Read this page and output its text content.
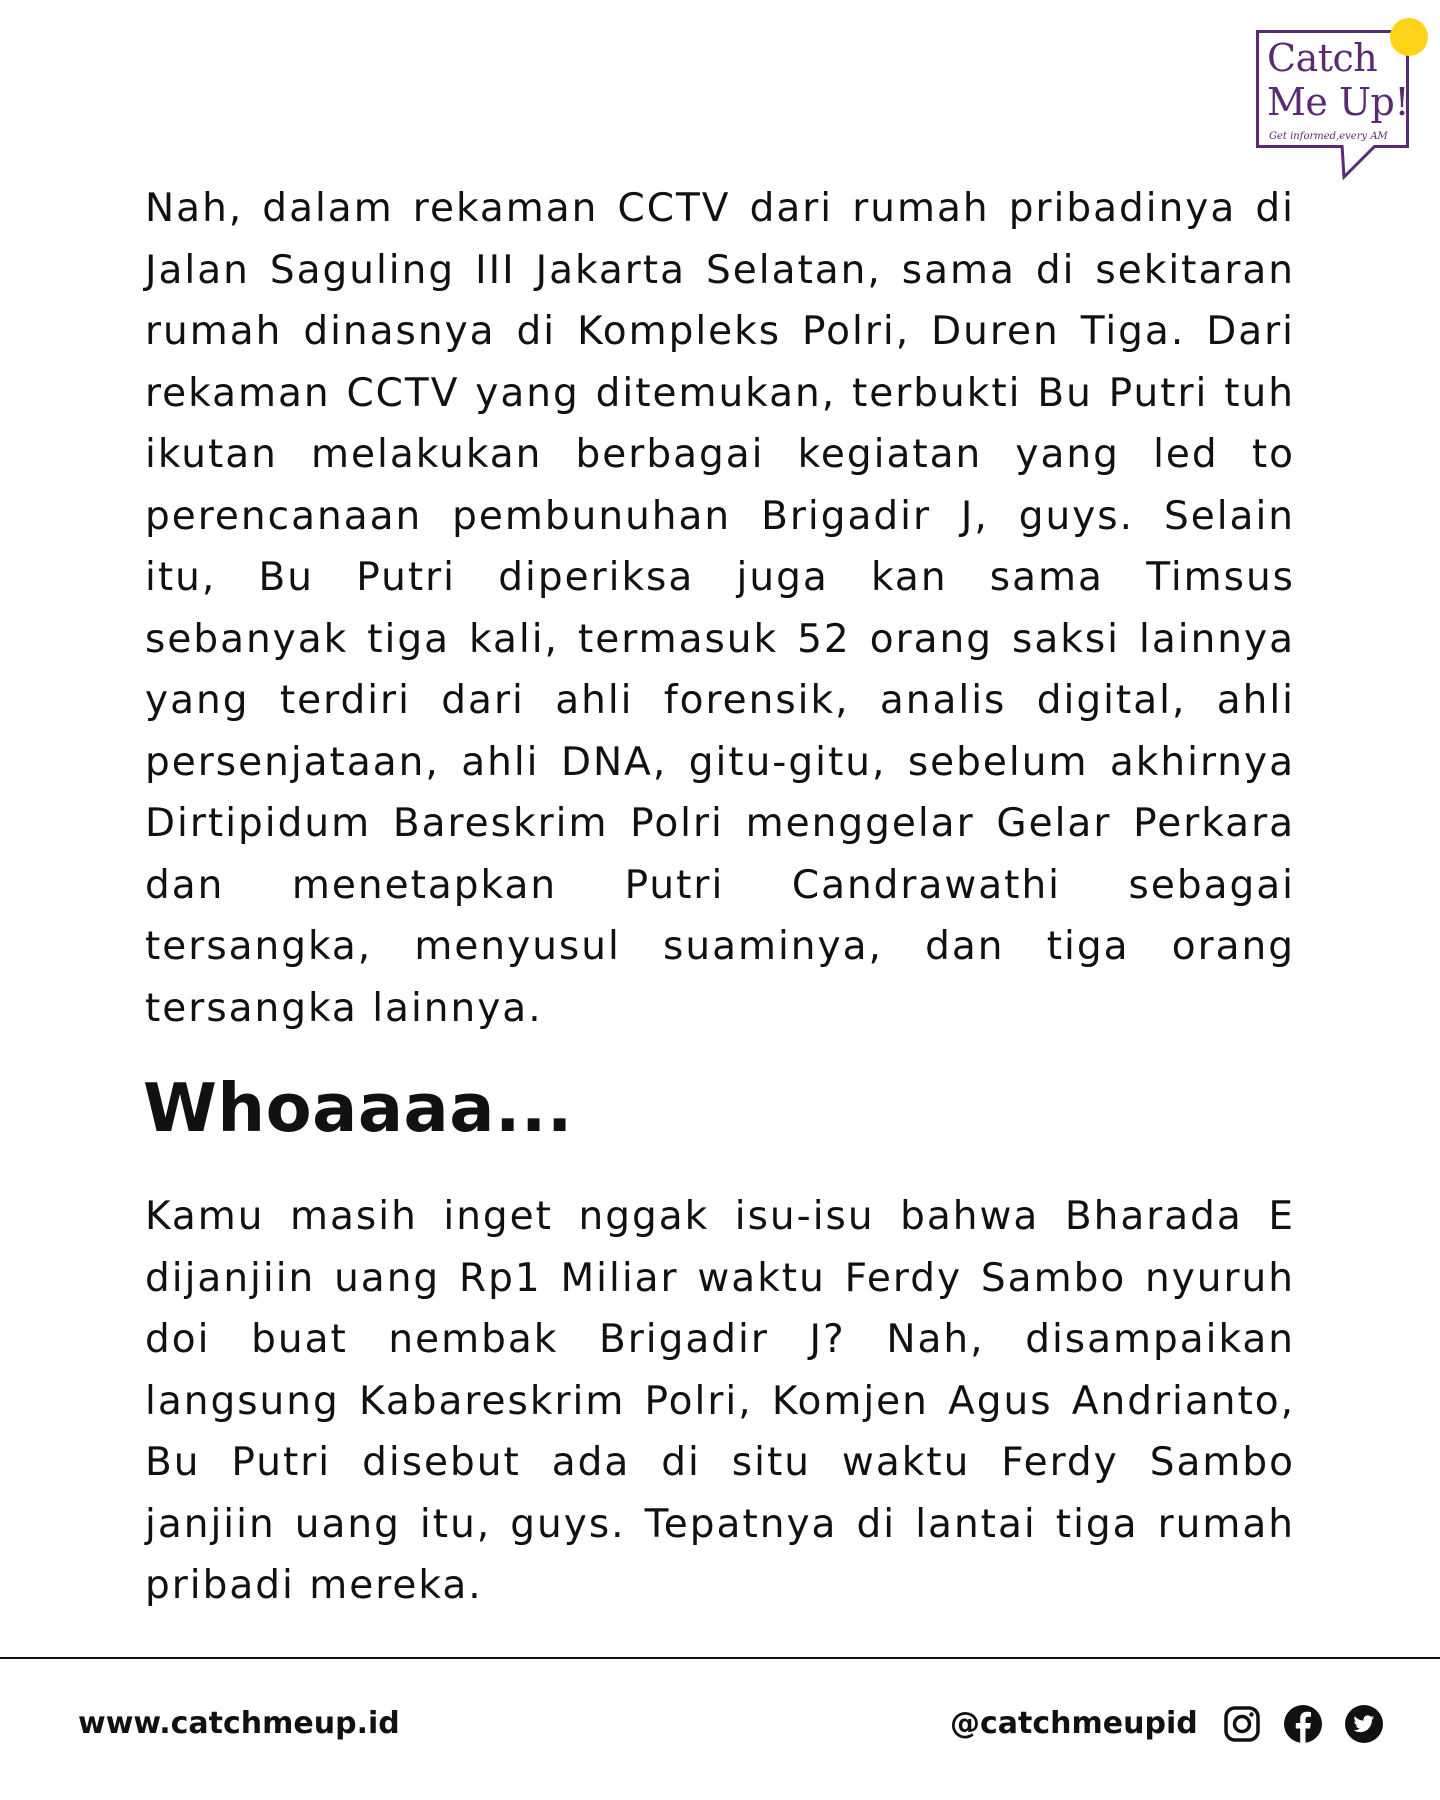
Catch
Me Up!
Get informed,every AM

Nah, dalam rekaman CCTV dari rumah pribadinya di Jalan Saguling III Jakarta Selatan, sama di sekitaran rumah dinasnya di Kompleks Polri, Duren Tiga. Dari rekaman CCTV yang ditemukan, terbukti Bu Putri tuh ikutan melakukan berbagai kegiatan yang led to perencanaan pembunuhan Brigadir J, guys. Selain itu, Bu Putri diperiksa juga kan sama Timsus sebanyak tiga kali, termasuk 52 orang saksi lainnya yang terdiri dari ahli forensik, analis digital, ahli persenjataan, ahli DNA, gitu-gitu, sebelum akhirnya Dirtipidum Bareskrim Polri menggelar Gelar Perkara dan menetapkan Putri Candrawathi sebagai tersangka, menyusul suaminya, dan tiga orang tersangka lainnya.

Whoaaaa...

Kamu masih inget nggak isu-isu bahwa Bharada E dijanjiin uang Rp1 Miliar waktu Ferdy Sambo nyuruh doi buat nembak Brigadir J? Nah, disampaikan langsung Kabareskrim Polri, Komjen Agus Andrianto, Bu Putri disebut ada di situ waktu Ferdy Sambo janjiin uang itu, guys. Tepatnya di lantai tiga rumah pribadi mereka.

www.catchmeup.id	@catchmeupid
